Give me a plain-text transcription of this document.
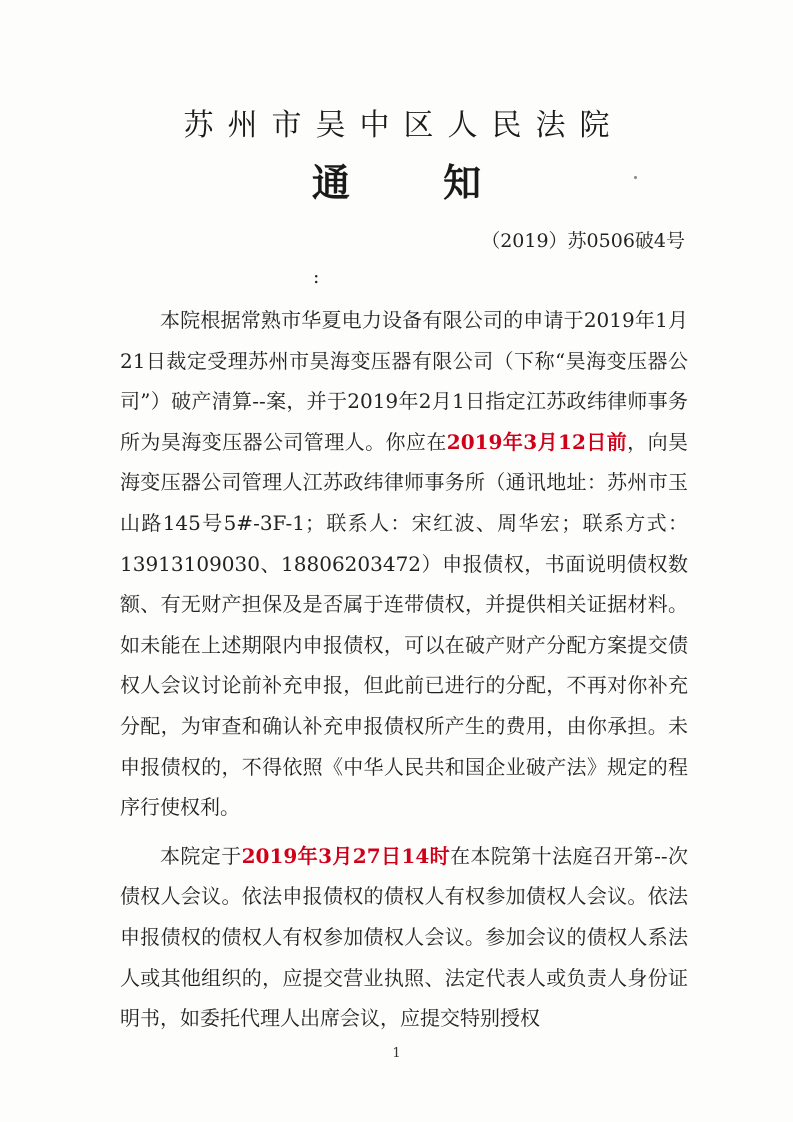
苏州市吴中区人民法院
通 知
（2019）苏0506破4号
:

本院根据常熟市华夏电力设备有限公司的申请于2019年1月21日裁定受理苏州市昊海变压器有限公司（下称“昊海变压器公司”）破产清算--案，并于2019年2月1日指定江苏政纬律师事务所为昊海变压器公司管理人。你应在2019年3月12日前，向昊海变压器公司管理人江苏政纬律师事务所（通讯地址：苏州市玉山路145号5#-3F-1；联系人：宋红波、周华宏；联系方式：13913109030、18806203472）申报债权，书面说明债权数额、有无财产担保及是否属于连带债权，并提供相关证据材料。如未能在上述期限内申报债权，可以在破产财产分配方案提交债权人会议讨论前补充申报，但此前已进行的分配，不再对你补充分配，为审查和确认补充申报债权所产生的费用，由你承担。未申报债权的，不得依照《中华人民共和国企业破产法》规定的程序行使权利。

本院定于2019年3月27日14时在本院第十法庭召开第--次债权人会议。依法申报债权的债权人有权参加债权人会议。依法申报债权的债权人有权参加债权人会议。参加会议的债权人系法人或其他组织的，应提交营业执照、法定代表人或负责人身份证明书，如委托代理人出席会议，应提交特别授权

1
